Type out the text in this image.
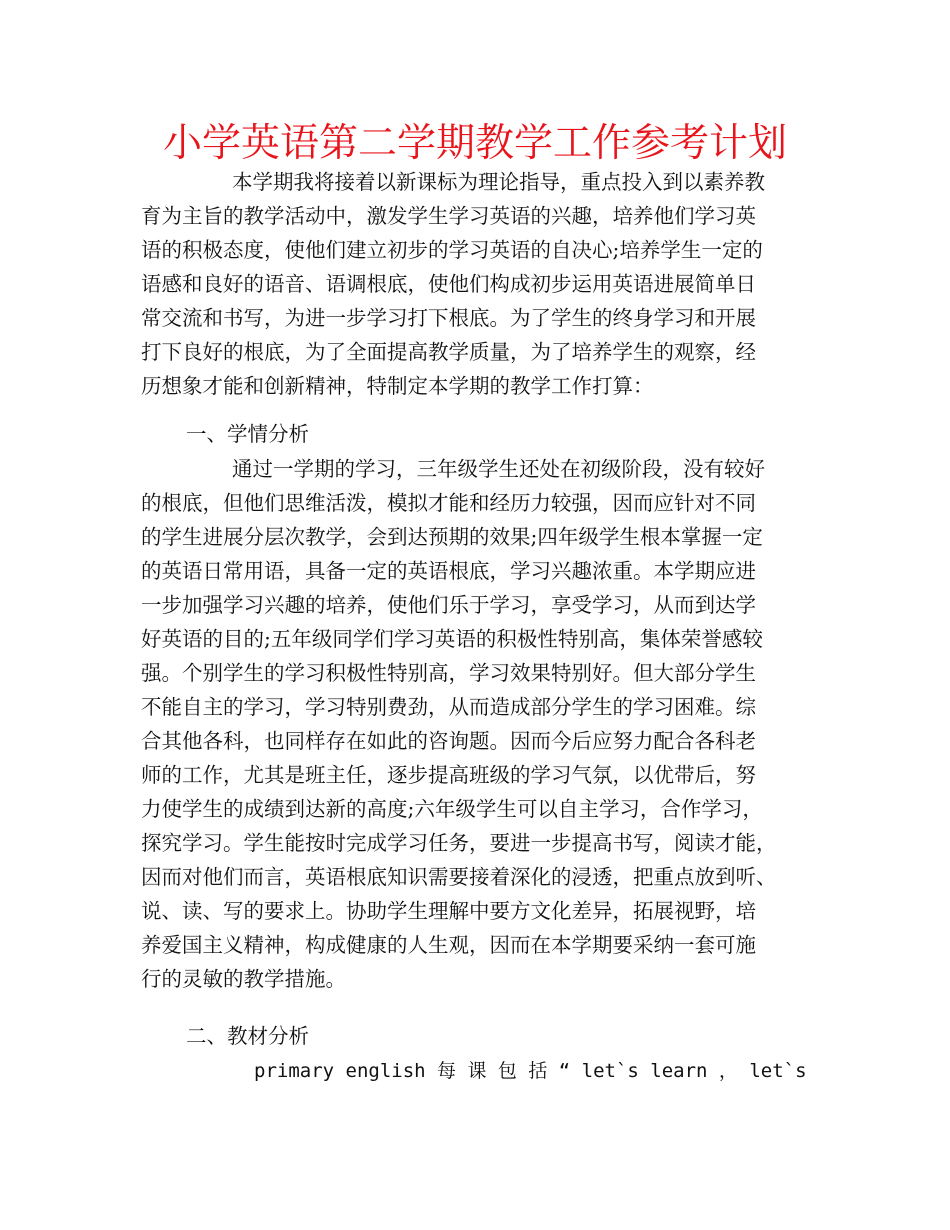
小学英语第二学期教学工作参考计划
本学期我将接着以新课标为理论指导，重点投入到以素养教
育为主旨的教学活动中，激发学生学习英语的兴趣，培养他们学习英
语的积极态度，使他们建立初步的学习英语的自决心;培养学生一定的
语感和良好的语音、语调根底，使他们构成初步运用英语进展简单日
常交流和书写，为进一步学习打下根底。为了学生的终身学习和开展
打下良好的根底，为了全面提高教学质量，为了培养学生的观察，经
历想象才能和创新精神，特制定本学期的教学工作打算：
一、学情分析
通过一学期的学习，三年级学生还处在初级阶段，没有较好
的根底，但他们思维活泼，模拟才能和经历力较强，因而应针对不同
的学生进展分层次教学，会到达预期的效果;四年级学生根本掌握一定
的英语日常用语，具备一定的英语根底，学习兴趣浓重。本学期应进
一步加强学习兴趣的培养，使他们乐于学习，享受学习，从而到达学
好英语的目的;五年级同学们学习英语的积极性特别高，集体荣誉感较
强。个别学生的学习积极性特别高，学习效果特别好。但大部分学生
不能自主的学习，学习特别费劲，从而造成部分学生的学习困难。综
合其他各科，也同样存在如此的咨询题。因而今后应努力配合各科老
师的工作，尤其是班主任，逐步提高班级的学习气氛，以优带后，努
力使学生的成绩到达新的高度;六年级学生可以自主学习，合作学习，
探究学习。学生能按时完成学习任务，要进一步提高书写，阅读才能，
因而对他们而言，英语根底知识需要接着深化的浸透，把重点放到听、
说、读、写的要求上。协助学生理解中要方文化差异，拓展视野，培
养爱国主义精神，构成健康的人生观，因而在本学期要采纳一套可施
行的灵敏的教学措施。
二、教材分析
primary english 每 课 包 括 “ let`s learn ， let`s
